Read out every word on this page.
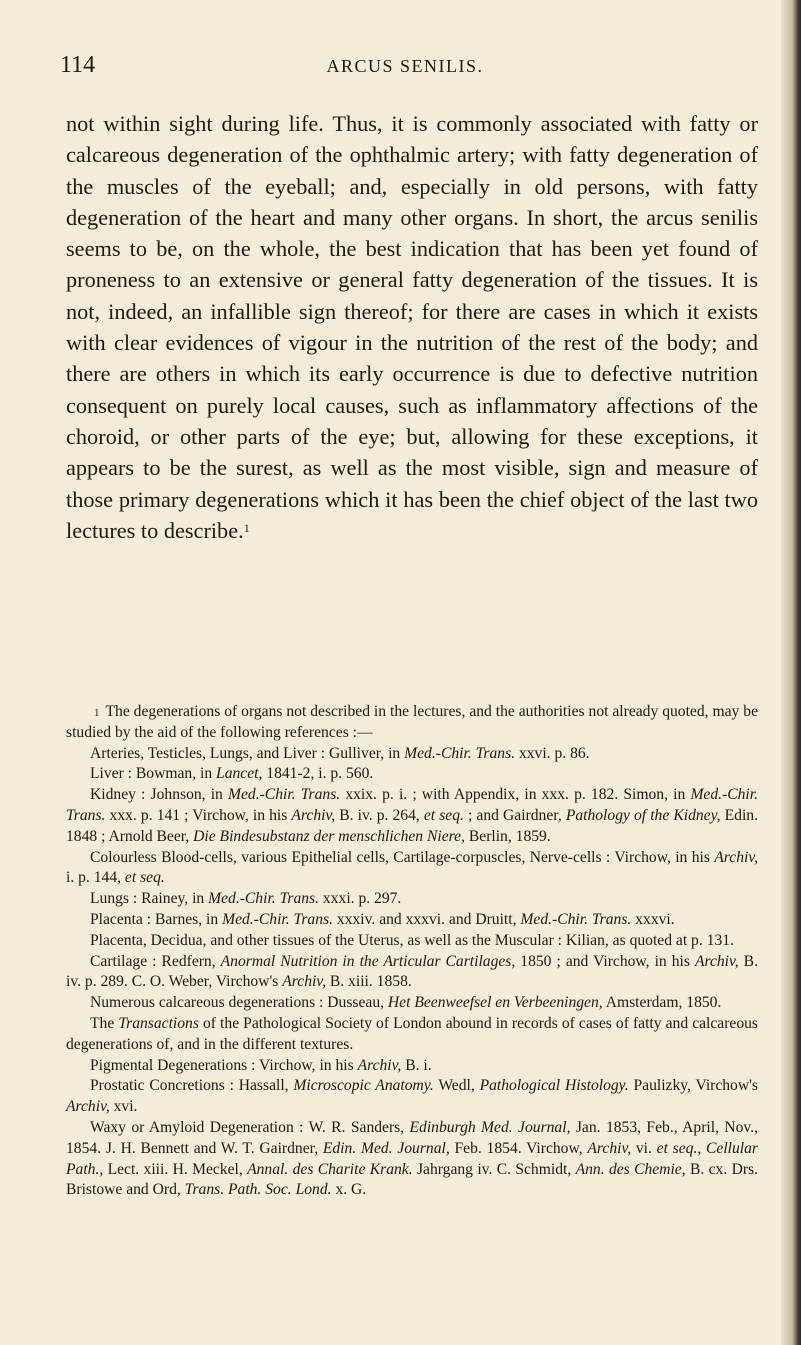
114	ARCUS SENILIS.

not within sight during life. Thus, it is commonly associated with fatty or calcareous degeneration of the ophthalmic artery; with fatty degeneration of the muscles of the eyeball; and, especially in old persons, with fatty degeneration of the heart and many other organs. In short, the arcus senilis seems to be, on the whole, the best indication that has been yet found of proneness to an extensive or general fatty degeneration of the tissues. It is not, indeed, an infallible sign thereof; for there are cases in which it exists with clear evidences of vigour in the nutrition of the rest of the body; and there are others in which its early occurrence is due to defective nutrition consequent on purely local causes, such as inflammatory affections of the choroid, or other parts of the eye; but, allowing for these exceptions, it appears to be the surest, as well as the most visible, sign and measure of those primary degenerations which it has been the chief object of the last two lectures to describe.$^1$

$^1$ The degenerations of organs not described in the lectures, and the authorities not already quoted, may be studied by the aid of the following references :—

Arteries, Testicles, Lungs, and Liver : Gulliver, in Med.-Chir. Trans. xxvi. p. 86.

Liver : Bowman, in Lancet, 1841-2, i. p. 560.

Kidney : Johnson, in Med.-Chir. Trans. xxix. p. i. ; with Appendix, in xxx. p. 182. Simon, in Med.-Chir. Trans. xxx. p. 141 ; Virchow, in his Archiv, B. iv. p. 264, et seq. ; and Gairdner, Pathology of the Kidney, Edin. 1848 ; Arnold Beer, Die Bindesubstanz der menschlichen Niere, Berlin, 1859.

Colourless Blood-cells, various Epithelial cells, Cartilage-corpuscles, Nerve-cells : Virchow, in his Archiv, i. p. 144, et seq.

Lungs : Rainey, in Med.-Chir. Trans. xxxi. p. 297.

Placenta : Barnes, in Med.-Chir. Trans. xxxiv. and xxxvi. and Druitt, Med.-Chir. Trans. xxxvi.

Placenta, Decidua, and other tissues of the Uterus, as well as the Muscular : Kilian, as quoted at p. 131.

Cartilage : Redfern, Anormal Nutrition in the Articular Cartilages, 1850 ; and Virchow, in his Archiv, B. iv. p. 289. C. O. Weber, Virchow's Archiv, B. xiii. 1858.

Numerous calcareous degenerations : Dusseau, Het Beenweefsel en Verbeeningen, Amsterdam, 1850.

The Transactions of the Pathological Society of London abound in records of cases of fatty and calcareous degenerations of, and in the different textures.

Pigmental Degenerations : Virchow, in his Archiv, B. i.

Prostatic Concretions : Hassall, Microscopic Anatomy. Wedl, Pathological Histology. Paulizky, Virchow's Archiv, xvi.

Waxy or Amyloid Degeneration : W. R. Sanders, Edinburgh Med. Journal, Jan. 1853, Feb., April, Nov., 1854. J. H. Bennett and W. T. Gairdner, Edin. Med. Journal, Feb. 1854. Virchow, Archiv, vi. et seq., Cellular Path., Lect. xiii. H. Meckel, Annal. des Charite Krank. Jahrgang iv. C. Schmidt, Ann. des Chemie, B. cx. Drs. Bristowe and Ord, Trans. Path. Soc. Lond. x. G.
